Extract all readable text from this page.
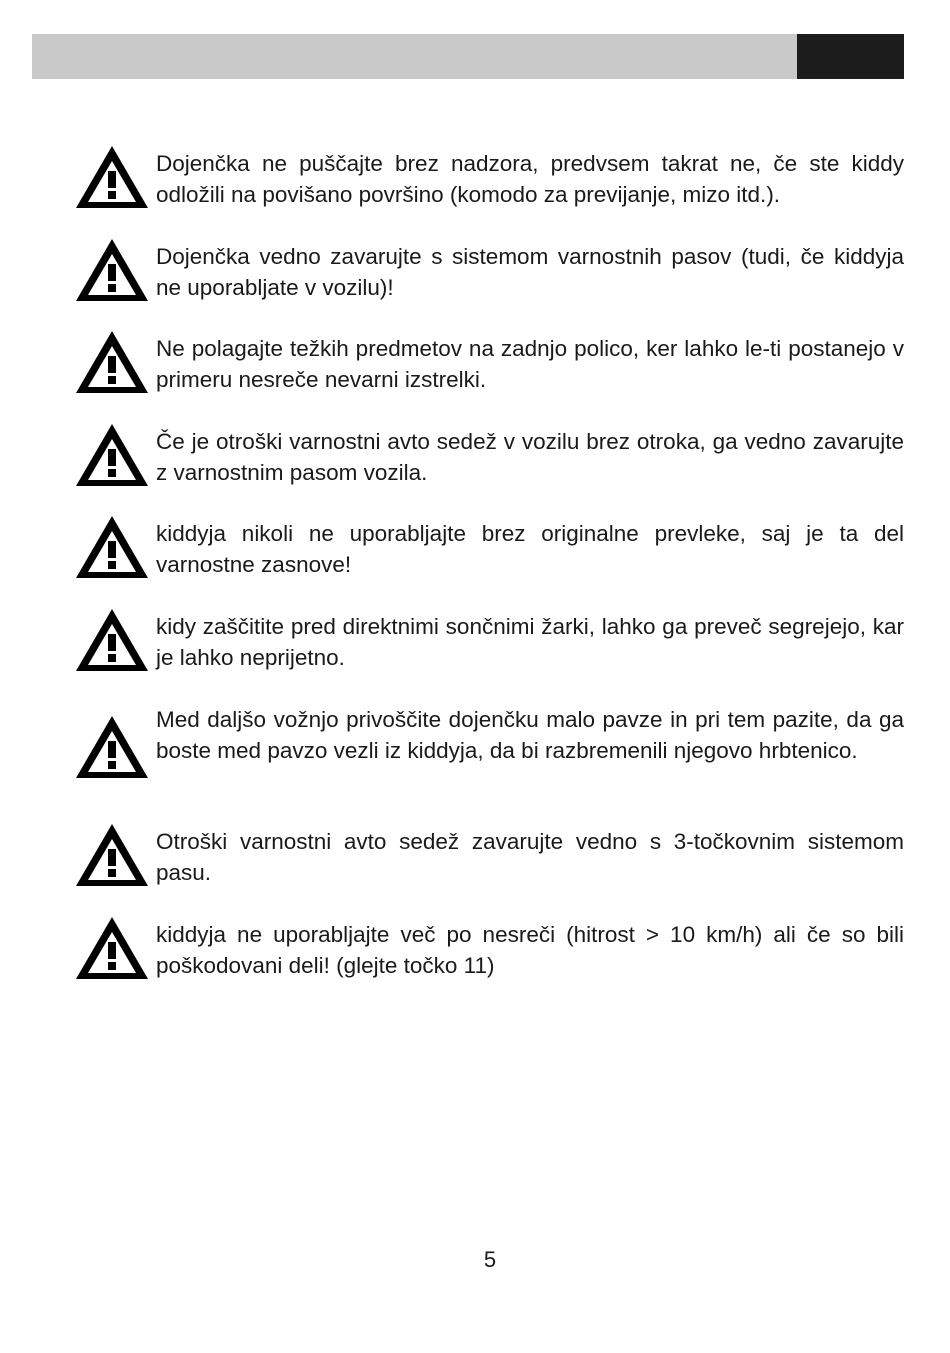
Dojenčka ne puščajte brez nadzora, predvsem takrat ne, če ste kiddy odložili na povišano površino (komodo za previjanje, mizo itd.).

Dojenčka vedno zavarujte s sistemom varnostnih pasov (tudi, če kiddyja ne uporabljate v vozilu)!

Ne polagajte težkih predmetov na zadnjo polico, ker lahko le-ti postanejo v primeru nesreče nevarni izstrelki.

Če je otroški varnostni avto sedež v vozilu brez otroka, ga vedno zavarujte z varnostnim pasom vozila.

kiddyja nikoli ne uporabljajte brez originalne prevleke, saj je ta del varnostne zasnove!

kidy zaščitite pred direktnimi sončnimi žarki, lahko ga preveč segrejejo, kar je lahko neprijetno.

Med daljšo vožnjo privoščite dojenčku malo pavze in pri tem pazite, da ga boste med pavzo vezli iz kiddyja, da bi razbremenili njegovo hrbtenico.

Otroški varnostni avto sedež zavarujte vedno s 3-točkovnim sistemom pasu.

kiddyja ne uporabljajte več po nesreči (hitrost > 10 km/h) ali če so bili poškodovani deli! (glejte točko 11)

5
